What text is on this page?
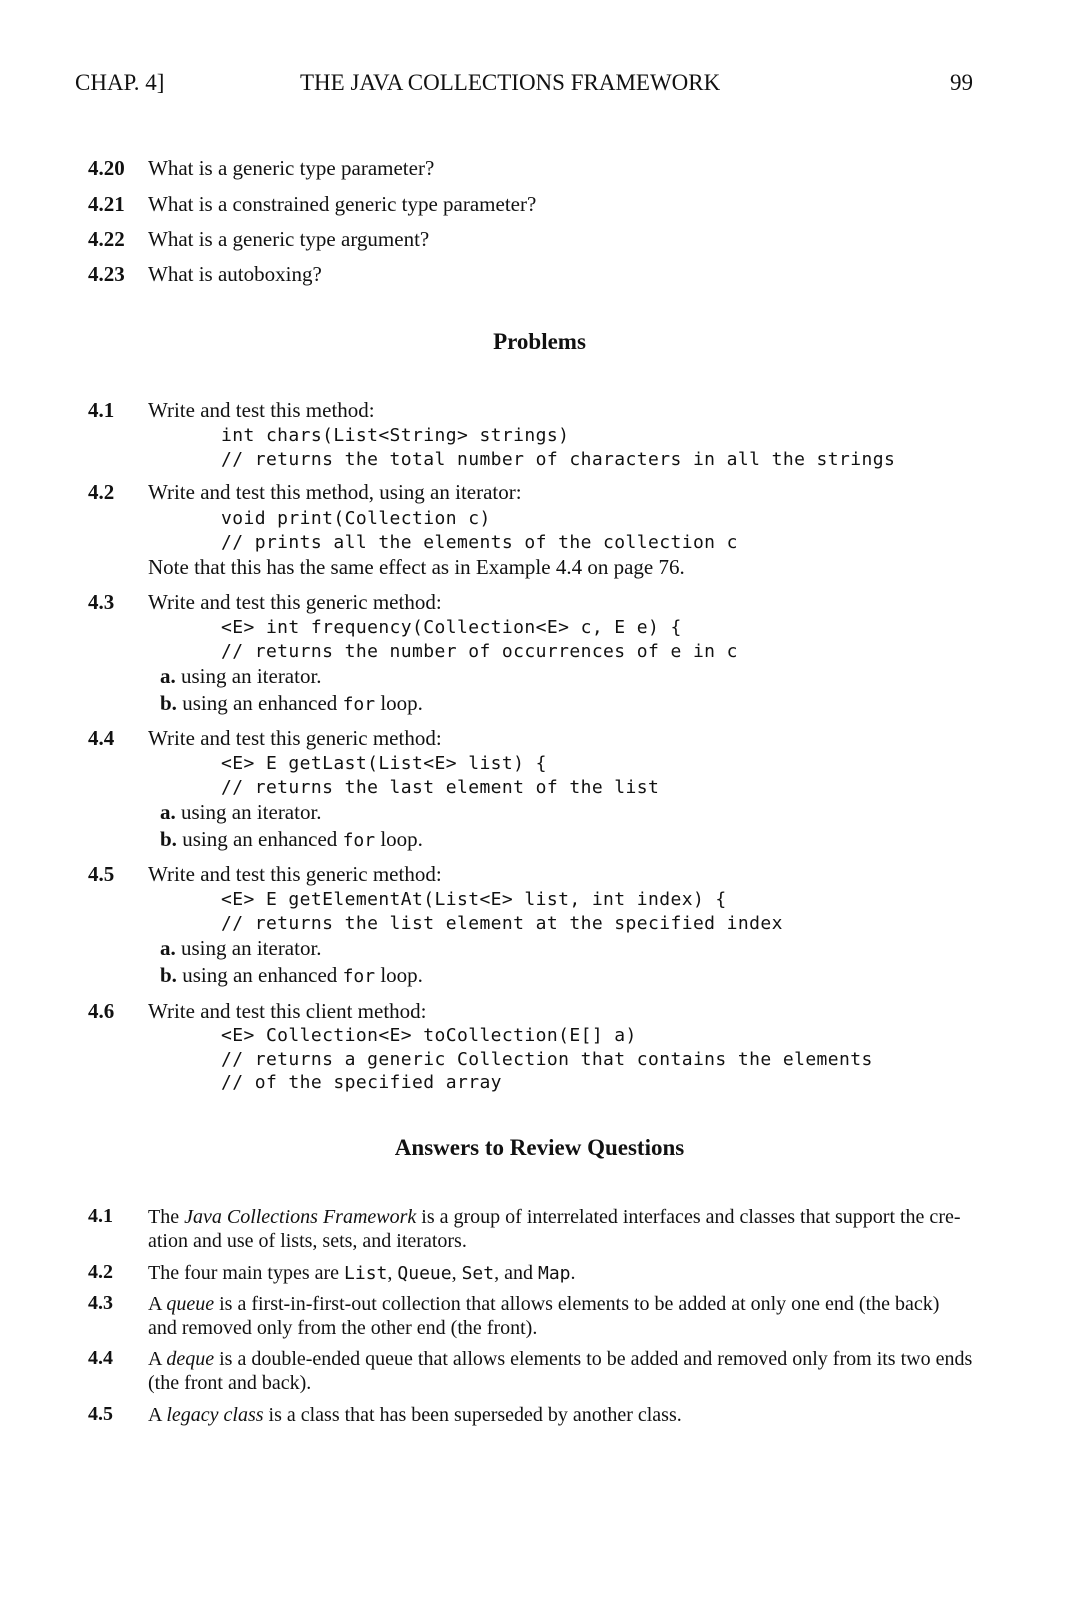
CHAP. 4]	THE JAVA COLLECTIONS FRAMEWORK	99
4.20 What is a generic type parameter?
4.21 What is a constrained generic type parameter?
4.22 What is a generic type argument?
4.23 What is autoboxing?
Problems
4.1 Write and test this method:
int chars(List<String> strings)
// returns the total number of characters in all the strings
4.2 Write and test this method, using an iterator:
void print(Collection c)
// prints all the elements of the collection c
Note that this has the same effect as in Example 4.4 on page 76.
4.3 Write and test this generic method:
<E> int frequency(Collection<E> c, E e) {
// returns the number of occurrences of e in c
a. using an iterator.
b. using an enhanced for loop.
4.4 Write and test this generic method:
<E> E getLast(List<E> list) {
// returns the last element of the list
a. using an iterator.
b. using an enhanced for loop.
4.5 Write and test this generic method:
<E> E getElementAt(List<E> list, int index) {
// returns the list element at the specified index
a. using an iterator.
b. using an enhanced for loop.
4.6 Write and test this client method:
<E> Collection<E> toCollection(E[] a)
// returns a generic Collection that contains the elements
// of the specified array
Answers to Review Questions
4.1 The Java Collections Framework is a group of interrelated interfaces and classes that support the cre-
ation and use of lists, sets, and iterators.
4.2 The four main types are List, Queue, Set, and Map.
4.3 A queue is a first-in-first-out collection that allows elements to be added at only one end (the back)
and removed only from the other end (the front).
4.4 A deque is a double-ended queue that allows elements to be added and removed only from its two ends
(the front and back).
4.5 A legacy class is a class that has been superseded by another class.
